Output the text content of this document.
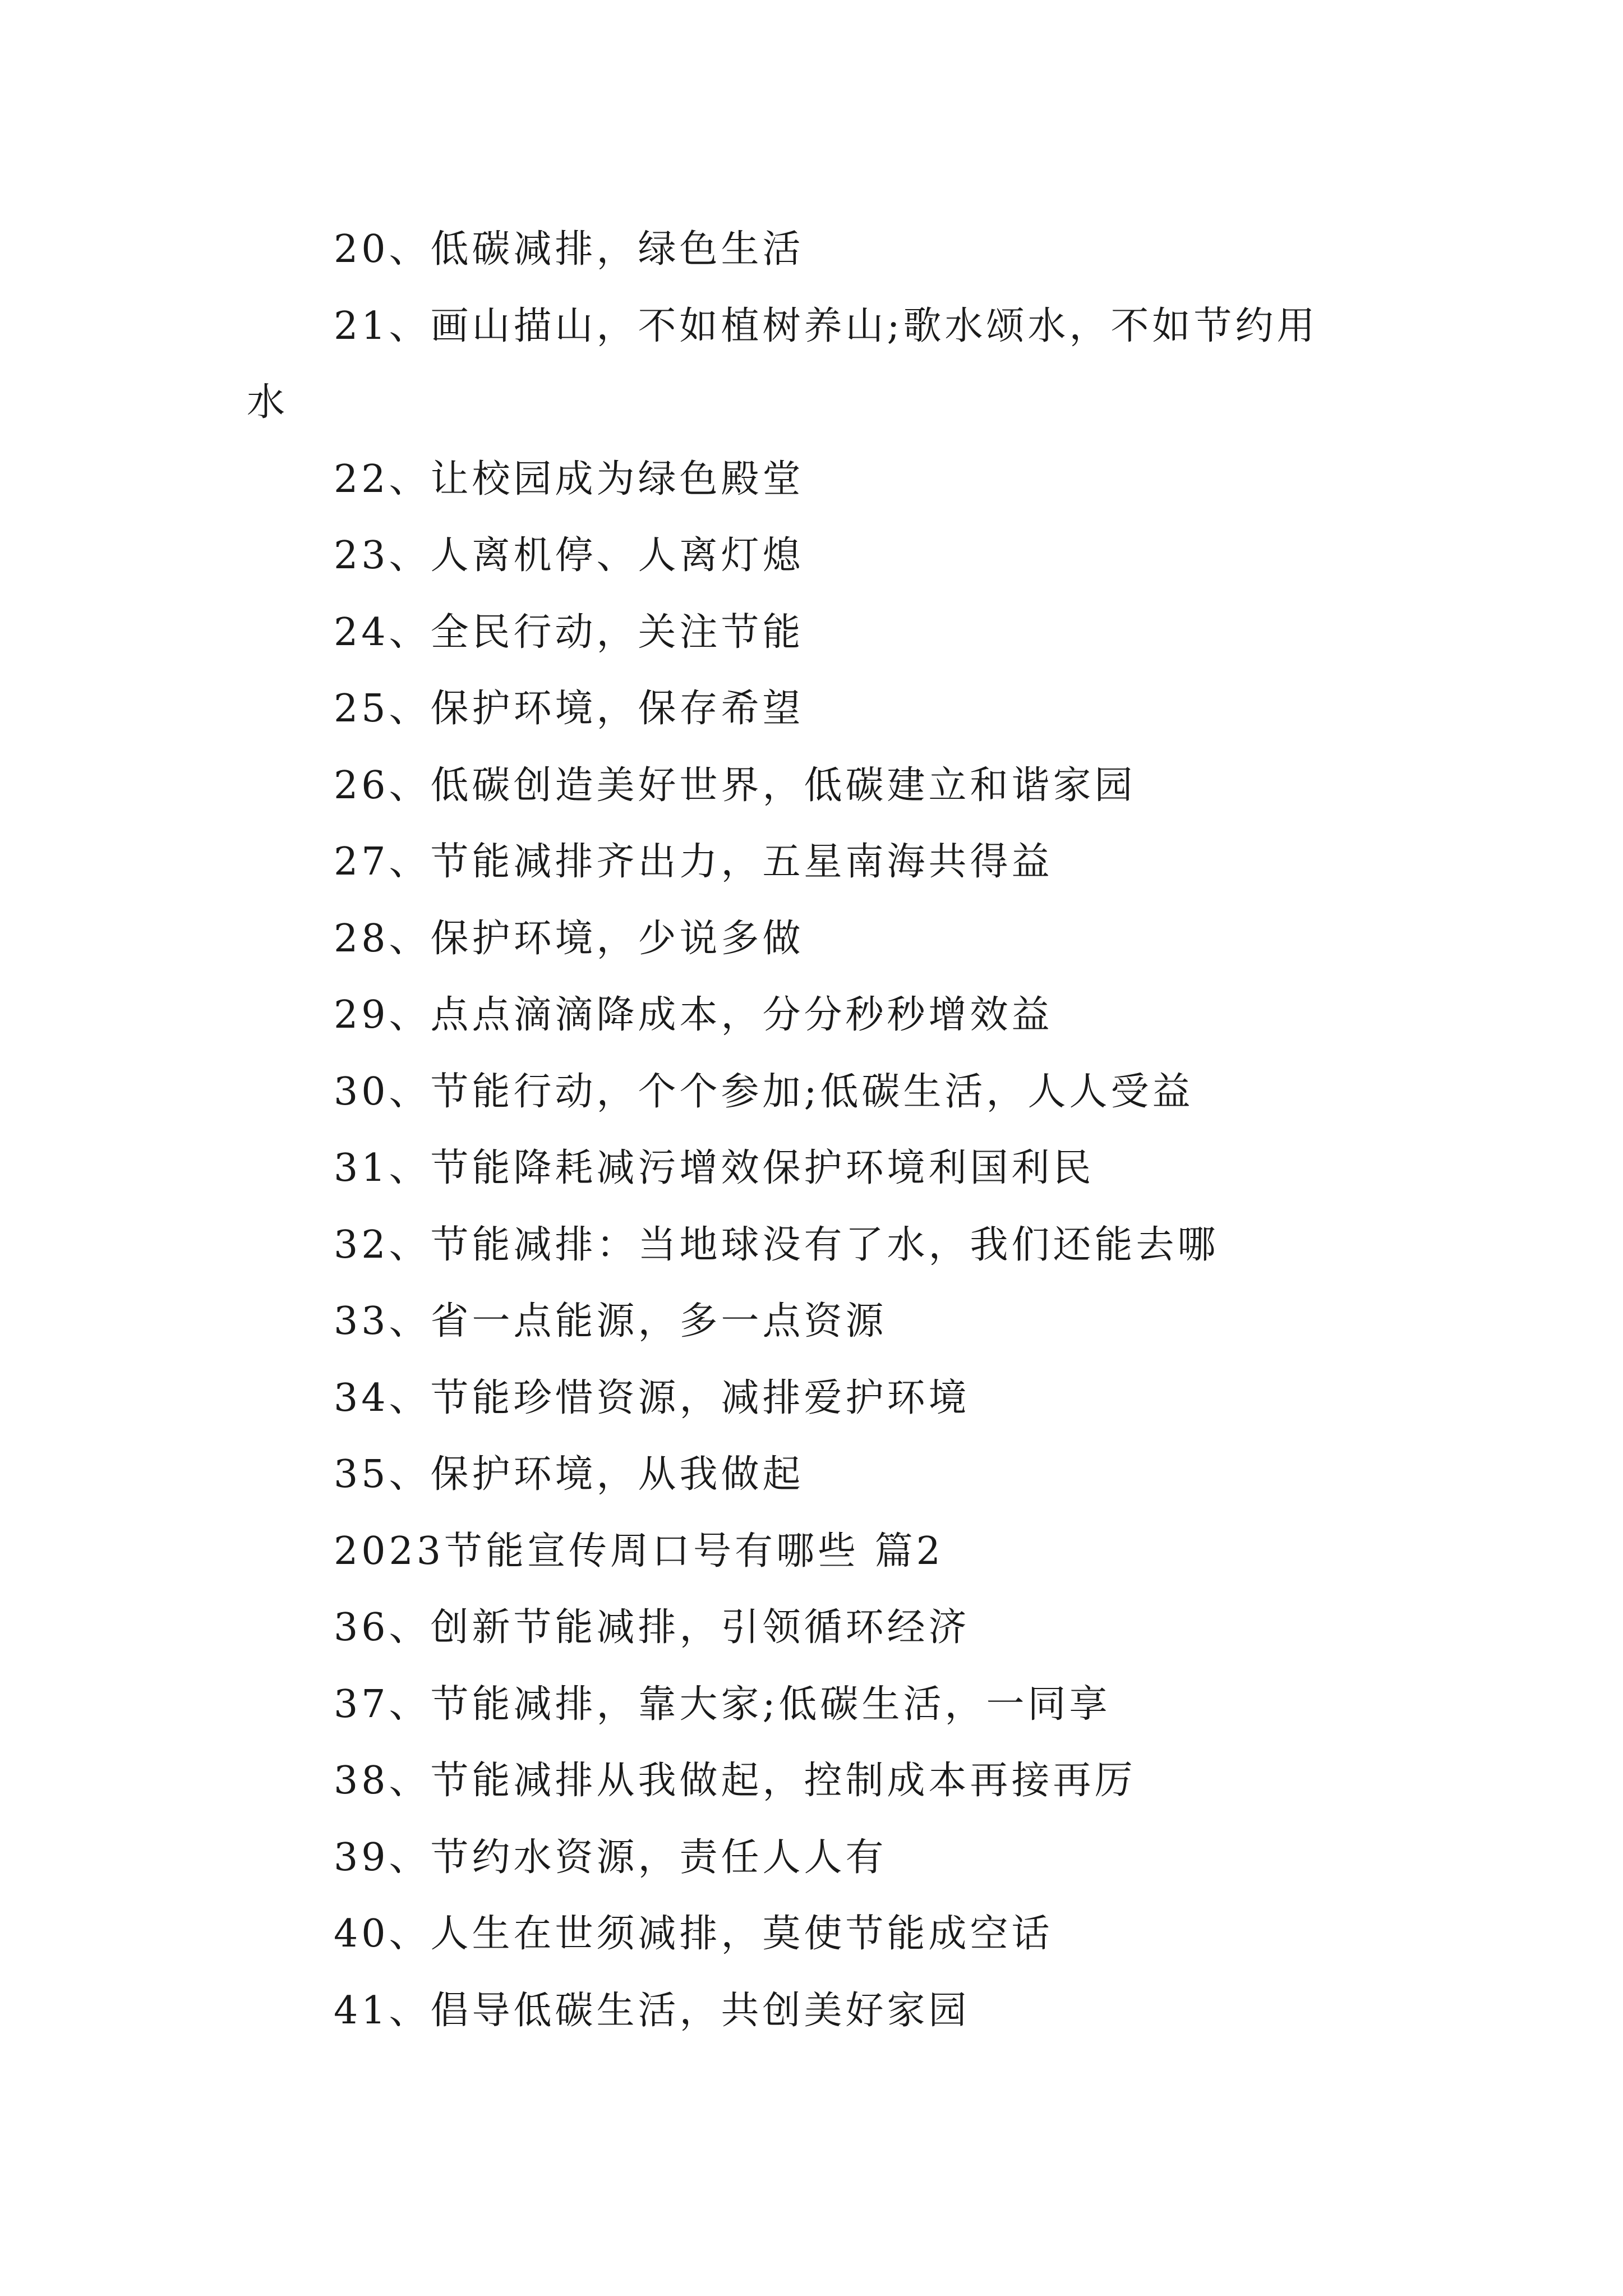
20、低碳减排，绿色生活
21、画山描山，不如植树养山;歌水颂水，不如节约用
水
22、让校园成为绿色殿堂
23、人离机停、人离灯熄
24、全民行动，关注节能
25、保护环境，保存希望
26、低碳创造美好世界，低碳建立和谐家园
27、节能减排齐出力，五星南海共得益
28、保护环境，少说多做
29、点点滴滴降成本，分分秒秒增效益
30、节能行动，个个参加;低碳生活，人人受益
31、节能降耗减污增效保护环境利国利民
32、节能减排：当地球没有了水，我们还能去哪
33、省一点能源，多一点资源
34、节能珍惜资源，减排爱护环境
35、保护环境，从我做起
2023节能宣传周口号有哪些 篇2
36、创新节能减排，引领循环经济
37、节能减排，靠大家;低碳生活，一同享
38、节能减排从我做起，控制成本再接再厉
39、节约水资源，责任人人有
40、人生在世须减排，莫使节能成空话
41、倡导低碳生活，共创美好家园
